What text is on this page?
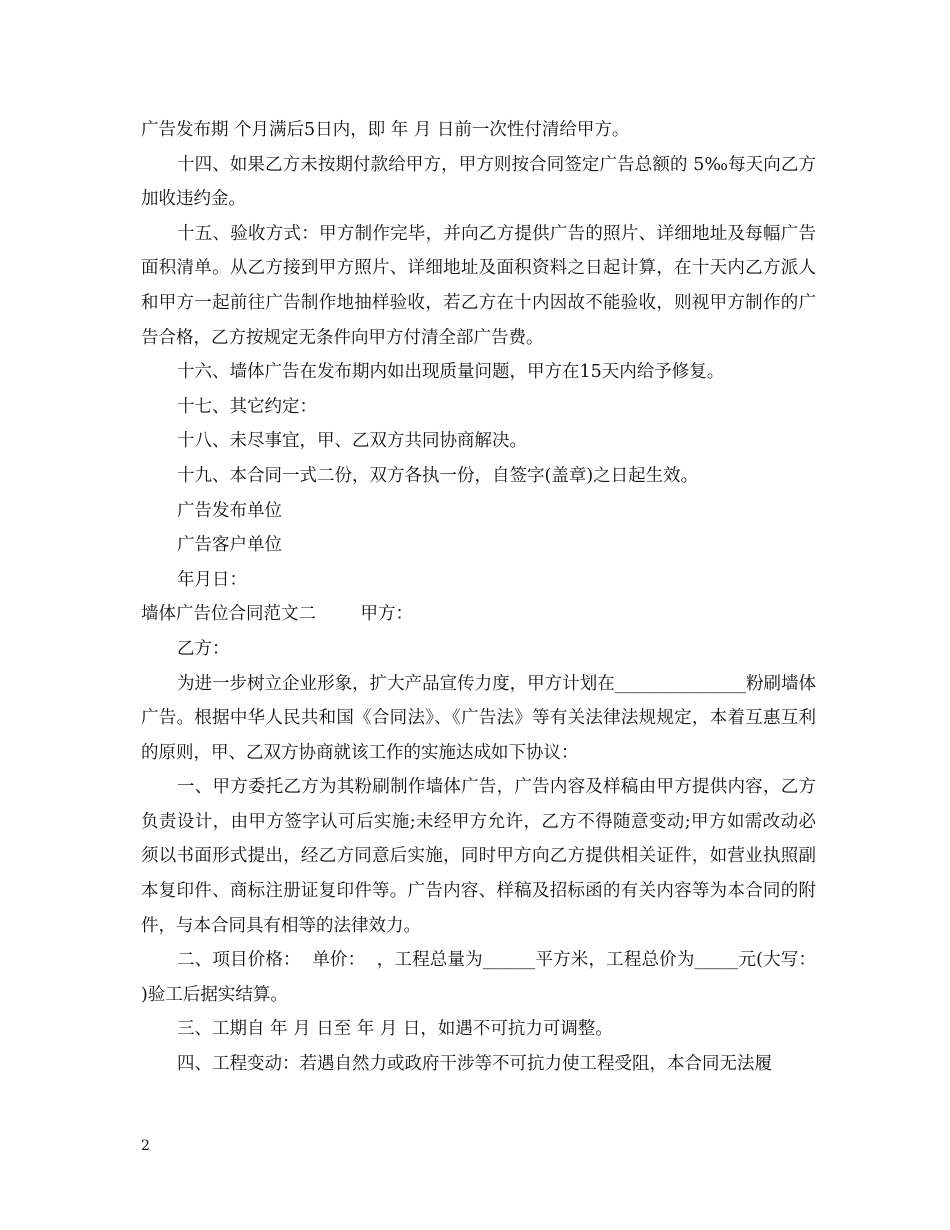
广告发布期 个月满后5日内，即 年 月 日前一次性付清给甲方。

十四、如果乙方未按期付款给甲方，甲方则按合同签定广告总额的 5‰每天向乙方加收违约金。

十五、验收方式：甲方制作完毕，并向乙方提供广告的照片、详细地址及每幅广告面积清单。从乙方接到甲方照片、详细地址及面积资料之日起计算，在十天内乙方派人和甲方一起前往广告制作地抽样验收，若乙方在十内因故不能验收，则视甲方制作的广告合格，乙方按规定无条件向甲方付清全部广告费。

十六、墙体广告在发布期内如出现质量问题，甲方在15天内给予修复。

十七、其它约定：

十八、未尽事宜，甲、乙双方共同协商解决。

十九、本合同一式二份，双方各执一份，自签字(盖章)之日起生效。

广告发布单位

广告客户单位

年月日：

墙体广告位合同范文二        甲方：

乙方：

为进一步树立企业形象，扩大产品宣传力度，甲方计划在_______________粉刷墙体广告。根据中华人民共和国《合同法》、《广告法》等有关法律法规规定，本着互惠互利的原则，甲、乙双方协商就该工作的实施达成如下协议：

一、甲方委托乙方为其粉刷制作墙体广告，广告内容及样稿由甲方提供内容，乙方负责设计，由甲方签字认可后实施;未经甲方允许，乙方不得随意变动;甲方如需改动必须以书面形式提出，经乙方同意后实施，同时甲方向乙方提供相关证件，如营业执照副本复印件、商标注册证复印件等。广告内容、样稿及招标函的有关内容等为本合同的附件，与本合同具有相等的法律效力。

二、项目价格：  单价：  ，工程总量为______平方米，工程总价为_____元(大写：  )验工后据实结算。

三、工期自 年 月 日至 年 月 日，如遇不可抗力可调整。

四、工程变动：若遇自然力或政府干涉等不可抗力使工程受阻，本合同无法履

2
